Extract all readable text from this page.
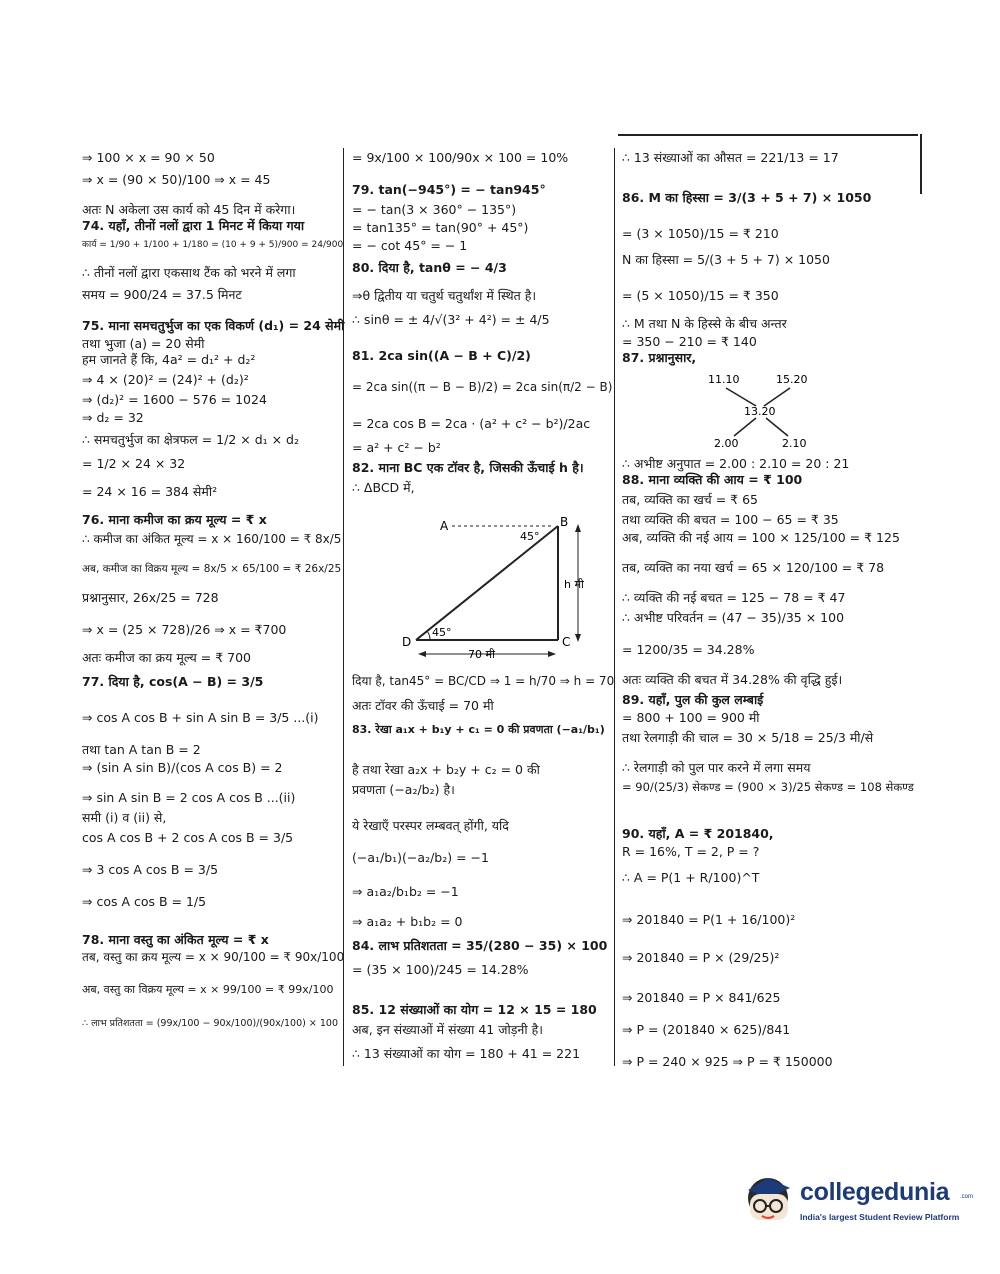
⇒ 100 × x = 90 × 50
⇒ x = (90 × 50)/100 ⇒ x = 45
अतः N अकेला उस कार्य को 45 दिन में करेगा।
74. यहाँ, तीनों नलों द्वारा 1 मिनट में किया गया
कार्य = 1/90 + 1/100 + 1/180 = (10 + 9 + 5)/900 = 24/900
∴ तीनों नलों द्वारा एकसाथ टैंक को भरने में लगा
समय = 900/24 = 37.5 मिनट
75. माना समचतुर्भुज का एक विकर्ण (d₁) = 24 सेमी
तथा भुजा (a) = 20 सेमी
हम जानते हैं कि, 4a² = d₁² + d₂²
⇒ 4 × (20)² = (24)² + (d₂)²
⇒ (d₂)² = 1600 − 576 = 1024
⇒ d₂ = 32
∴ समचतुर्भुज का क्षेत्रफल = 1/2 × d₁ × d₂
= 1/2 × 24 × 32
= 24 × 16 = 384 सेमी²
76. माना कमीज का क्रय मूल्य = ₹ x
∴ कमीज का अंकित मूल्य = x × 160/100 = ₹ 8x/5
अब, कमीज का विक्रय मूल्य = 8x/5 × 65/100 = ₹ 26x/25
प्रश्नानुसार, 26x/25 = 728
⇒ x = (25 × 728)/26 ⇒ x = ₹700
अतः कमीज का क्रय मूल्य = ₹ 700
77. दिया है, cos(A − B) = 3/5
⇒ cos A cos B + sin A sin B = 3/5 ...(i)
तथा tan A tan B = 2
⇒ (sin A sin B)/(cos A cos B) = 2
⇒ sin A sin B = 2 cos A cos B ...(ii)
समी (i) व (ii) से,
cos A cos B + 2 cos A cos B = 3/5
⇒ 3 cos A cos B = 3/5
⇒ cos A cos B = 1/5
78. माना वस्तु का अंकित मूल्य = ₹ x
तब, वस्तु का क्रय मूल्य = x × 90/100 = ₹ 90x/100
अब, वस्तु का विक्रय मूल्य = x × 99/100 = ₹ 99x/100
∴ लाभ प्रतिशतता = (99x/100 − 90x/100)/(90x/100) × 100
= 9x/100 × 100/90x × 100 = 10%
79. tan(−945°) = − tan945°
= − tan(3 × 360° − 135°)
= tan135° = tan(90° + 45°)
= − cot 45° = − 1
80. दिया है, tanθ = − 4/3
⇒θ द्वितीय या चतुर्थ चतुर्थांश में स्थित है।
∴ sinθ = ± 4/√(3² + 4²) = ± 4/5
81. 2ca sin((A − B + C)/2)
= 2ca sin((π − B − B)/2) = 2ca sin(π/2 − B)
= 2ca cos B = 2ca · (a² + c² − b²)/2ac
= a² + c² − b²
82. माना BC एक टॉवर है, जिसकी ऊँचाई h है।
∴ ΔBCD में,
दिया है, tan45° = BC/CD ⇒ 1 = h/70 ⇒ h = 70
अतः टॉवर की ऊँचाई = 70 मी
83. रेखा a₁x + b₁y + c₁ = 0 की प्रवणता (−a₁/b₁)
है तथा रेखा a₂x + b₂y + c₂ = 0 की
प्रवणता (−a₂/b₂) है।
ये रेखाएँ परस्पर लम्बवत् होंगी, यदि
(−a₁/b₁)(−a₂/b₂) = −1
⇒ a₁a₂/b₁b₂ = −1
⇒ a₁a₂ + b₁b₂ = 0
84. लाभ प्रतिशतता = 35/(280 − 35) × 100
= (35 × 100)/245 = 14.28%
85. 12 संख्याओं का योग = 12 × 15 = 180
अब, इन संख्याओं में संख्या 41 जोड़नी है।
∴ 13 संख्याओं का योग = 180 + 41 = 221
∴ 13 संख्याओं का औसत = 221/13 = 17
86. M का हिस्सा = 3/(3 + 5 + 7) × 1050
= (3 × 1050)/15 = ₹ 210
N का हिस्सा = 5/(3 + 5 + 7) × 1050
= (5 × 1050)/15 = ₹ 350
∴ M तथा N के हिस्से के बीच अन्तर
= 350 − 210 = ₹ 140
87. प्रश्नानुसार,
∴ अभीष्ट अनुपात = 2.00 : 2.10 = 20 : 21
88. माना व्यक्ति की आय = ₹ 100
तब, व्यक्ति का खर्च = ₹ 65
तथा व्यक्ति की बचत = 100 − 65 = ₹ 35
अब, व्यक्ति की नई आय = 100 × 125/100 = ₹ 125
तब, व्यक्ति का नया खर्च = 65 × 120/100 = ₹ 78
∴ व्यक्ति की नई बचत = 125 − 78 = ₹ 47
∴ अभीष्ट परिवर्तन = (47 − 35)/35 × 100
= 1200/35 = 34.28%
अतः व्यक्ति की बचत में 34.28% की वृद्धि हुई।
89. यहाँ, पुल की कुल लम्बाई
= 800 + 100 = 900 मी
तथा रेलगाड़ी की चाल = 30 × 5/18 = 25/3 मी/से
∴ रेलगाड़ी को पुल पार करने में लगा समय
= 90/(25/3) सेकण्ड = (900 × 3)/25 सेकण्ड = 108 सेकण्ड
90. यहाँ, A = ₹ 201840,
R = 16%, T = 2, P = ?
∴ A = P(1 + R/100)^T
⇒ 201840 = P(1 + 16/100)²
⇒ 201840 = P × (29/25)²
⇒ 201840 = P × 841/625
⇒ P = (201840 × 625)/841
⇒ P = 240 × 925 ⇒ P = ₹ 150000
A	B
C
D
45°
45°
h मी
70 मी
11.10	15.20
13.20
2.00	2.10
collegedunia .com
India's largest Student Review Platform
